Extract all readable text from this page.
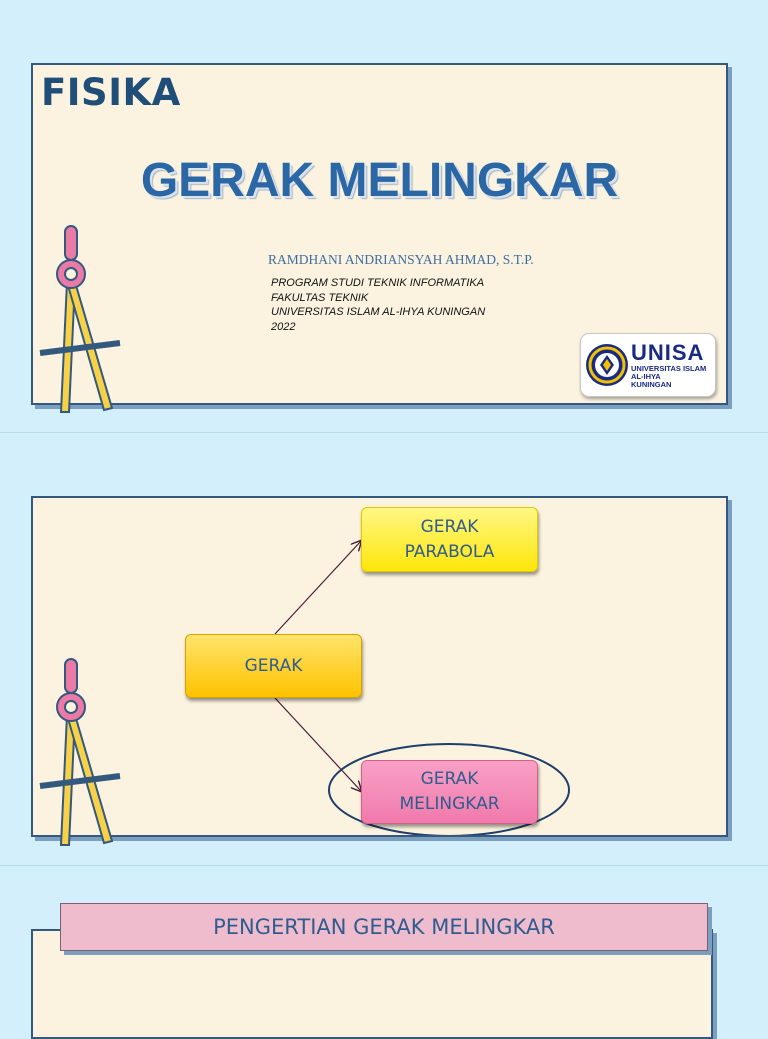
FISIKA
GERAK MELINGKAR
RAMDHANI ANDRIANSYAH AHMAD, S.T.P.

PROGRAM STUDI TEKNIK INFORMATIKA
FAKULTAS TEKNIK
UNIVERSITAS ISLAM AL-IHYA KUNINGAN
2022

UNISA

UNIVERSITAS ISLAM
AL-IHYA
KUNINGAN

GERAK
PARABOLA
GERAK
GERAK
MELINGKAR
PENGERTIAN GERAK MELINGKAR
